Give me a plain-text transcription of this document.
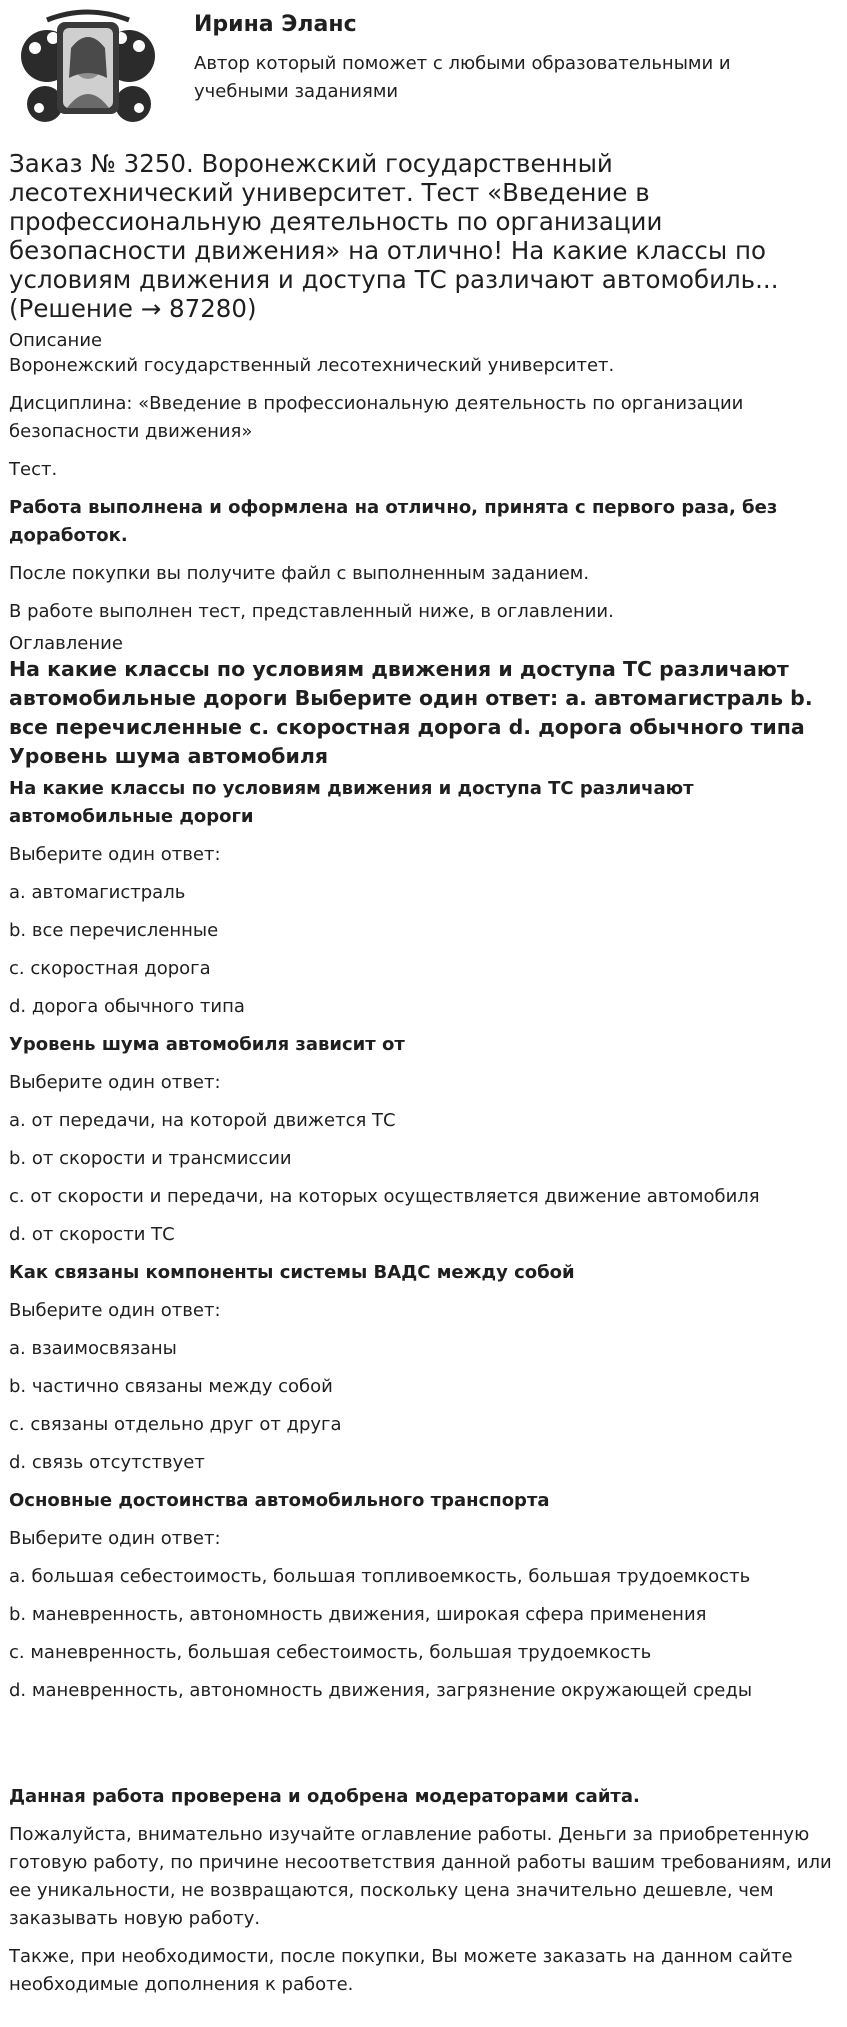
Ирина Эланс

Автор который поможет с любыми образовательными и учебными заданиями

Заказ № 3250. Воронежский государственный лесотехнический университет. Тест «Введение в профессиональную деятельность по организации безопасности движения» на отлично! На какие классы по условиям движения и доступа ТС различают автомобиль... (Решение → 87280)
Описание

Воронежский государственный лесотехнический университет.

Дисциплина: «Введение в профессиональную деятельность по организации безопасности движения»

Тест.

Работа выполнена и оформлена на отлично, принята с первого раза, без доработок.

После покупки вы получите файл с выполненным заданием.

В работе выполнен тест, представленный ниже, в оглавлении.

Оглавление
На какие классы по условиям движения и доступа ТС различают автомобильные дороги Выберите один ответ: a. автомагистраль b. все перечисленные c. скоростная дорога d. дорога обычного типа Уровень шума автомобиля

На какие классы по условиям движения и доступа ТС различают автомобильные дороги

Выберите один ответ:

a. автомагистраль

b. все перечисленные

c. скоростная дорога

d. дорога обычного типа

Уровень шума автомобиля зависит от

Выберите один ответ:

a. от передачи, на которой движется ТС

b. от скорости и трансмиссии

c. от скорости и передачи, на которых осуществляется движение автомобиля

d. от скорости ТС

Как связаны компоненты системы ВАДС между собой

Выберите один ответ:

a. взаимосвязаны

b. частично связаны между собой

c. связаны отдельно друг от друга

d. связь отсутствует

Основные достоинства автомобильного транспорта

Выберите один ответ:

a. большая себестоимость, большая топливоемкость, большая трудоемкость

b. маневренность, автономность движения, широкая сфера применения

c. маневренность, большая себестоимость, большая трудоемкость

d. маневренность, автономность движения, загрязнение окружающей среды

Данная работа проверена и одобрена модераторами сайта.

Пожалуйста, внимательно изучайте оглавление работы. Деньги за приобретенную готовую работу, по причине несоответствия данной работы вашим требованиям, или ее уникальности, не возвращаются, поскольку цена значительно дешевле, чем заказывать новую работу.

Также, при необходимости, после покупки, Вы можете заказать на данном сайте необходимые дополнения к работе.
